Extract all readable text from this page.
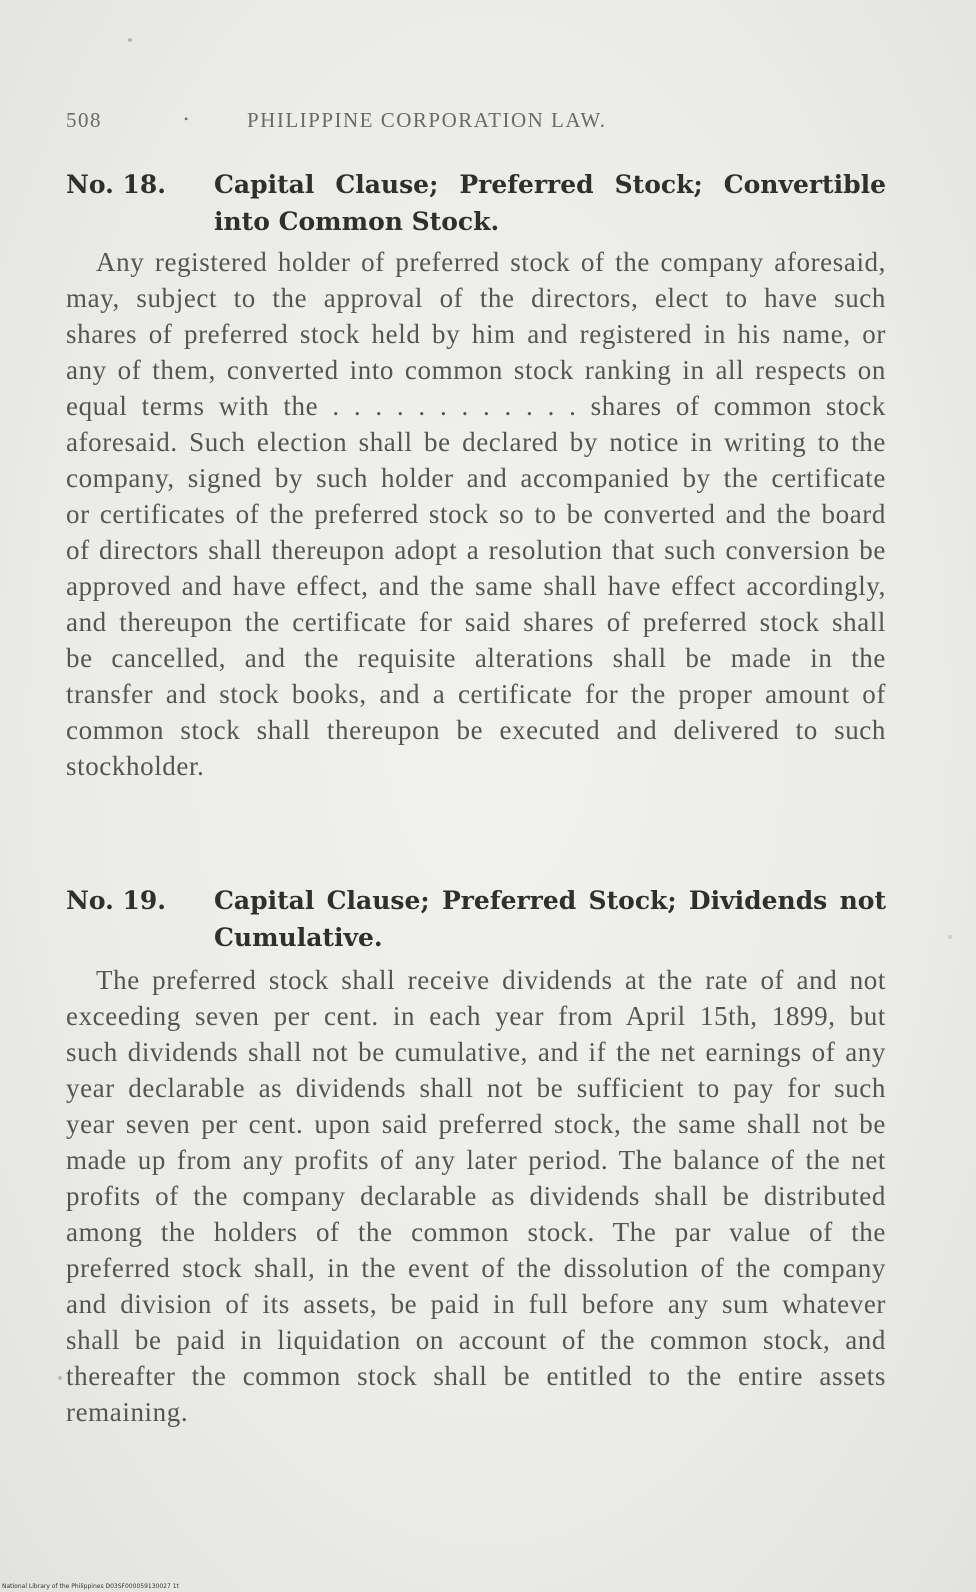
508	•	PHILIPPINE CORPORATION LAW.
No. 18.	Capital Clause; Preferred Stock; Convertible into Common Stock.

Any registered holder of preferred stock of the company aforesaid, may, subject to the approval of the directors, elect to have such shares of preferred stock held by him and registered in his name, or any of them, converted into common stock ranking in all respects on equal terms with the . . . . . . . . . . . . shares of common stock aforesaid. Such election shall be declared by notice in writing to the company, signed by such holder and accompanied by the certificate or certificates of the preferred stock so to be converted and the board of directors shall thereupon adopt a resolution that such conversion be approved and have effect, and the same shall have effect accordingly, and thereupon the certificate for said shares of preferred stock shall be cancelled, and the requisite alterations shall be made in the transfer and stock books, and a certificate for the proper amount of common stock shall thereupon be executed and delivered to such stockholder.

No. 19.	Capital Clause; Preferred Stock; Dividends not Cumulative.

The preferred stock shall receive dividends at the rate of and not exceeding seven per cent. in each year from April 15th, 1899, but such dividends shall not be cumulative, and if the net earnings of any year declarable as dividends shall not be sufficient to pay for such year seven per cent. upon said preferred stock, the same shall not be made up from any profits of any later period. The balance of the net profits of the company declarable as dividends shall be distributed among the holders of the common stock. The par value of the preferred stock shall, in the event of the dissolution of the company and division of its assets, be paid in full before any sum whatever shall be paid in liquidation on account of the common stock, and thereafter the common stock shall be entitled to the entire assets remaining.

National Library of the Philippines D03SF000059130027 1t
